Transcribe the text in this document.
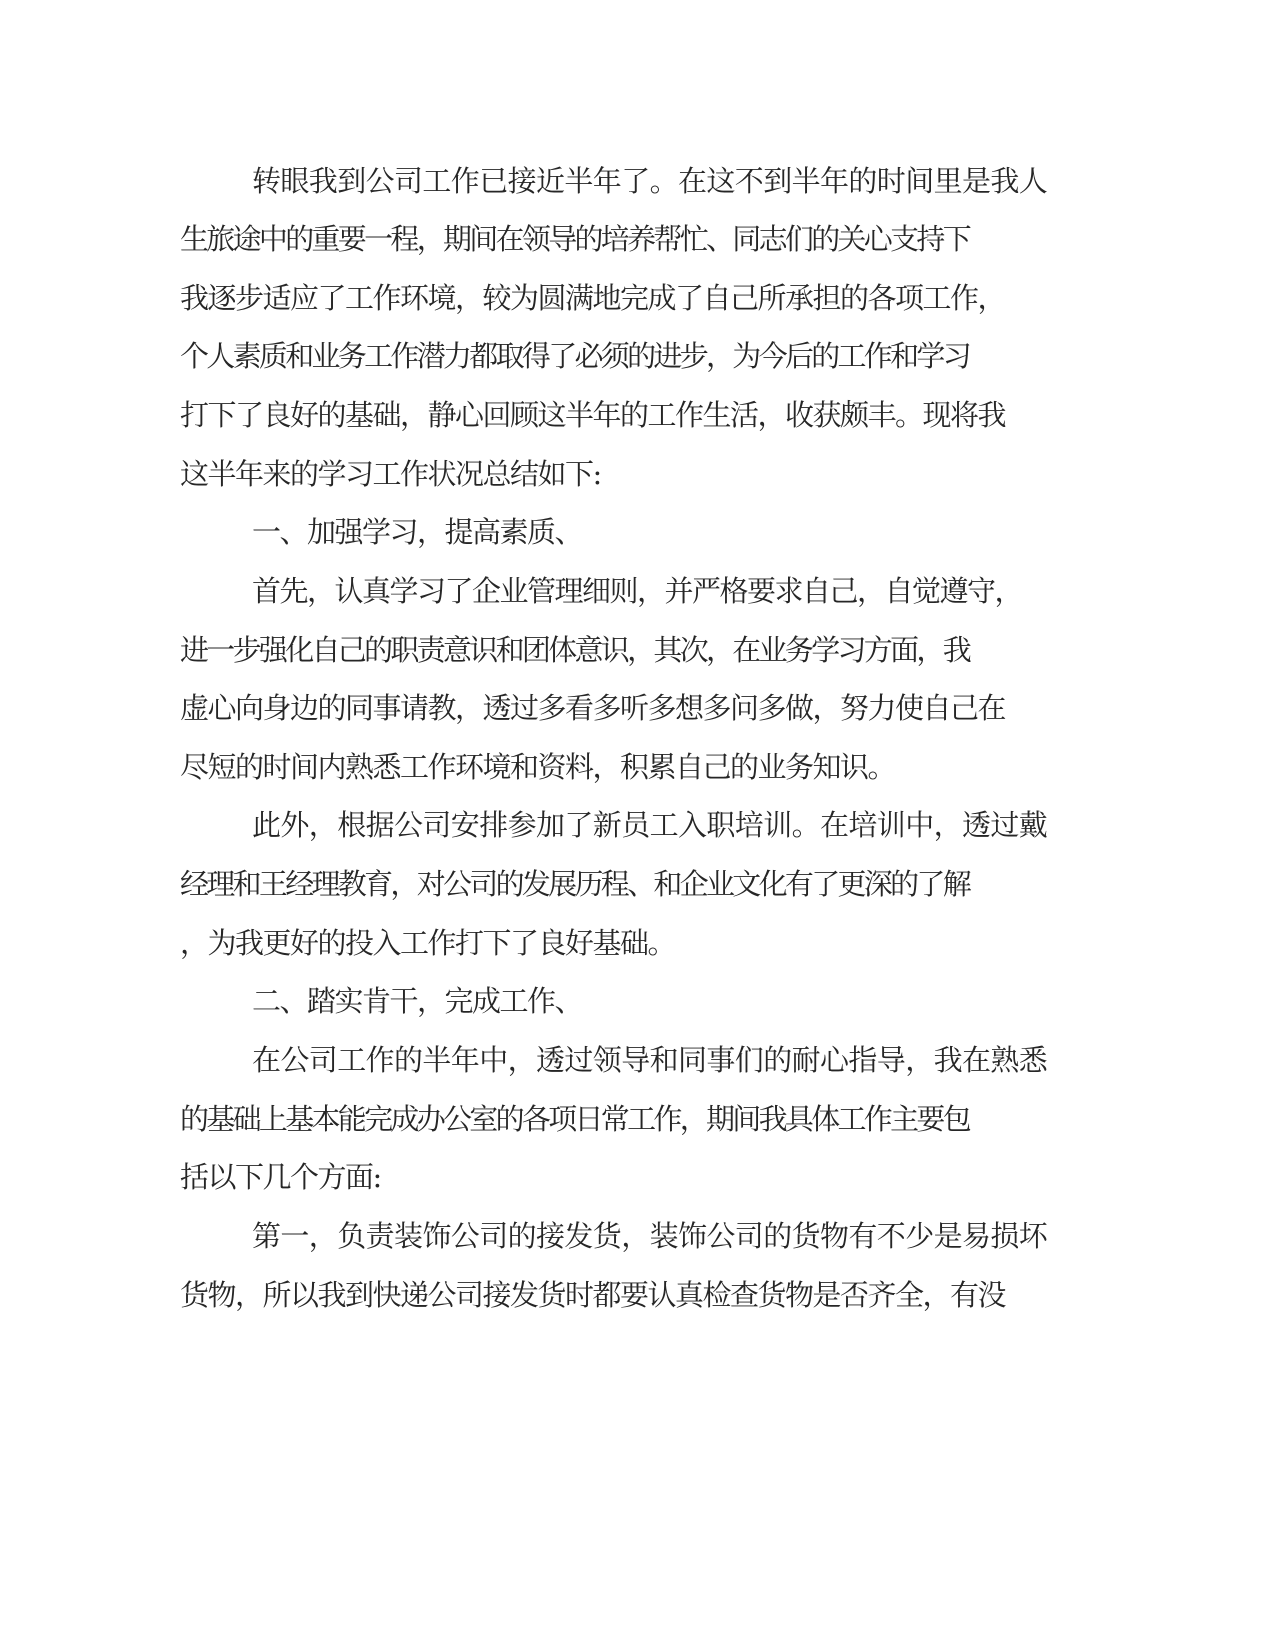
转眼我到公司工作已接近半年了。在这不到半年的时间里是我人
生旅途中的重要一程，期间在领导的培养帮忙、同志们的关心支持下
我逐步适应了工作环境，较为圆满地完成了自己所承担的各项工作，
个人素质和业务工作潜力都取得了必须的进步，为今后的工作和学习
打下了良好的基础，静心回顾这半年的工作生活，收获颇丰。现将我
这半年来的学习工作状况总结如下:
一、加强学习，提高素质、
首先，认真学习了企业管理细则，并严格要求自己，自觉遵守，
进一步强化自己的职责意识和团体意识，其次，在业务学习方面，我
虚心向身边的同事请教，透过多看多听多想多问多做，努力使自己在
尽短的时间内熟悉工作环境和资料，积累自己的业务知识。
此外，根据公司安排参加了新员工入职培训。在培训中，透过戴
经理和王经理教育，对公司的发展历程、和企业文化有了更深的了解
，为我更好的投入工作打下了良好基础。
二、踏实肯干，完成工作、
在公司工作的半年中，透过领导和同事们的耐心指导，我在熟悉
的基础上基本能完成办公室的各项日常工作，期间我具体工作主要包
括以下几个方面:
第一，负责装饰公司的接发货，装饰公司的货物有不少是易损坏
货物，所以我到快递公司接发货时都要认真检查货物是否齐全，有没
